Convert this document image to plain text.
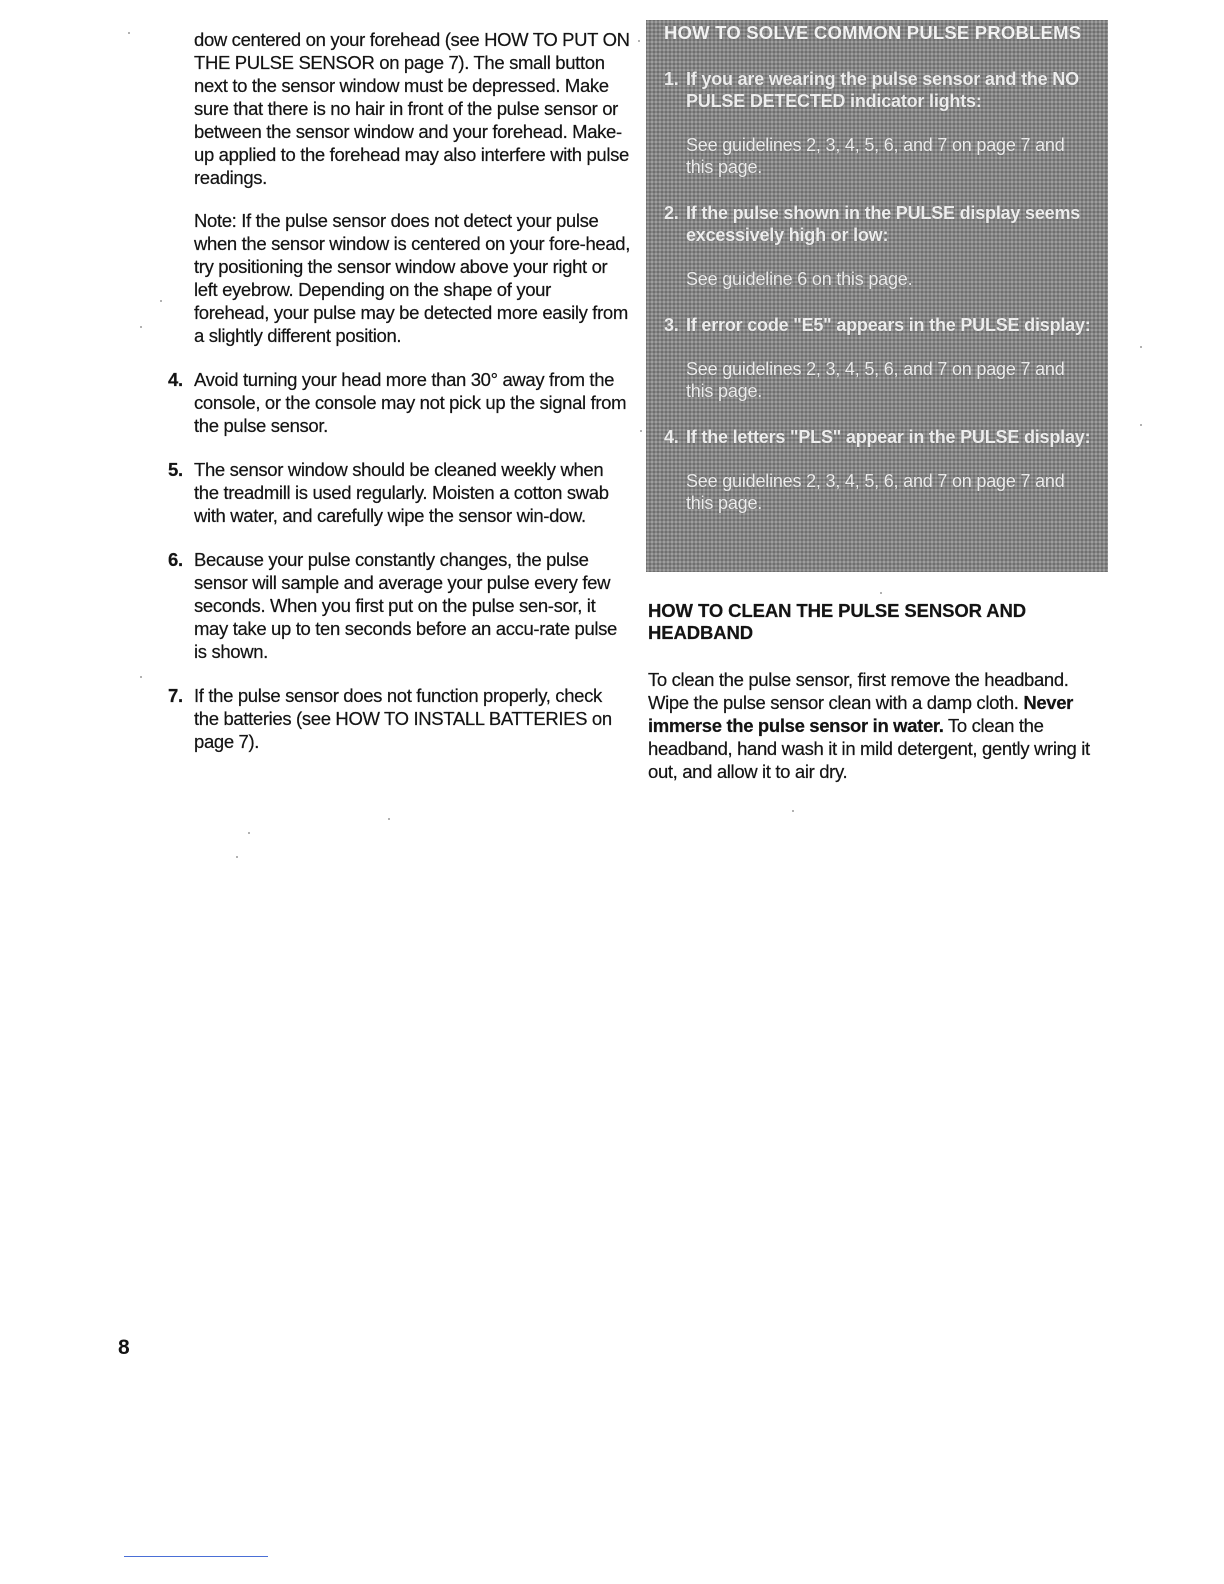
dow centered on your forehead (see HOW TO PUT ON THE PULSE SENSOR on page 7). The small button next to the sensor window must be depressed. Make sure that there is no hair in front of the pulse sensor or between the sensor window and your forehead. Make-up applied to the forehead may also interfere with pulse readings.

Note: If the pulse sensor does not detect your pulse when the sensor window is centered on your fore-head, try positioning the sensor window above your right or left eyebrow. Depending on the shape of your forehead, your pulse may be detected more easily from a slightly different position.

4. Avoid turning your head more than 30° away from the console, or the console may not pick up the signal from the pulse sensor.
5. The sensor window should be cleaned weekly when the treadmill is used regularly. Moisten a cotton swab with water, and carefully wipe the sensor win-dow.
6. Because your pulse constantly changes, the pulse sensor will sample and average your pulse every few seconds. When you first put on the pulse sen-sor, it may take up to ten seconds before an accu-rate pulse is shown.
7. If the pulse sensor does not function properly, check the batteries (see HOW TO INSTALL BATTERIES on page 7).
HOW TO SOLVE COMMON PULSE PROBLEMS
1. If you are wearing the pulse sensor and the NO PULSE DETECTED indicator lights:
See guidelines 2, 3, 4, 5, 6, and 7 on page 7 and this page.
2. If the pulse shown in the PULSE display seems excessively high or low:
See guideline 6 on this page.
3. If error code "E5" appears in the PULSE display:
See guidelines 2, 3, 4, 5, 6, and 7 on page 7 and this page.
4. If the letters "PLS" appear in the PULSE display:
See guidelines 2, 3, 4, 5, 6, and 7 on page 7 and this page.
HOW TO CLEAN THE PULSE SENSOR AND HEADBAND

To clean the pulse sensor, first remove the headband. Wipe the pulse sensor clean with a damp cloth. Never immerse the pulse sensor in water. To clean the headband, hand wash it in mild detergent, gently wring it out, and allow it to air dry.

8
